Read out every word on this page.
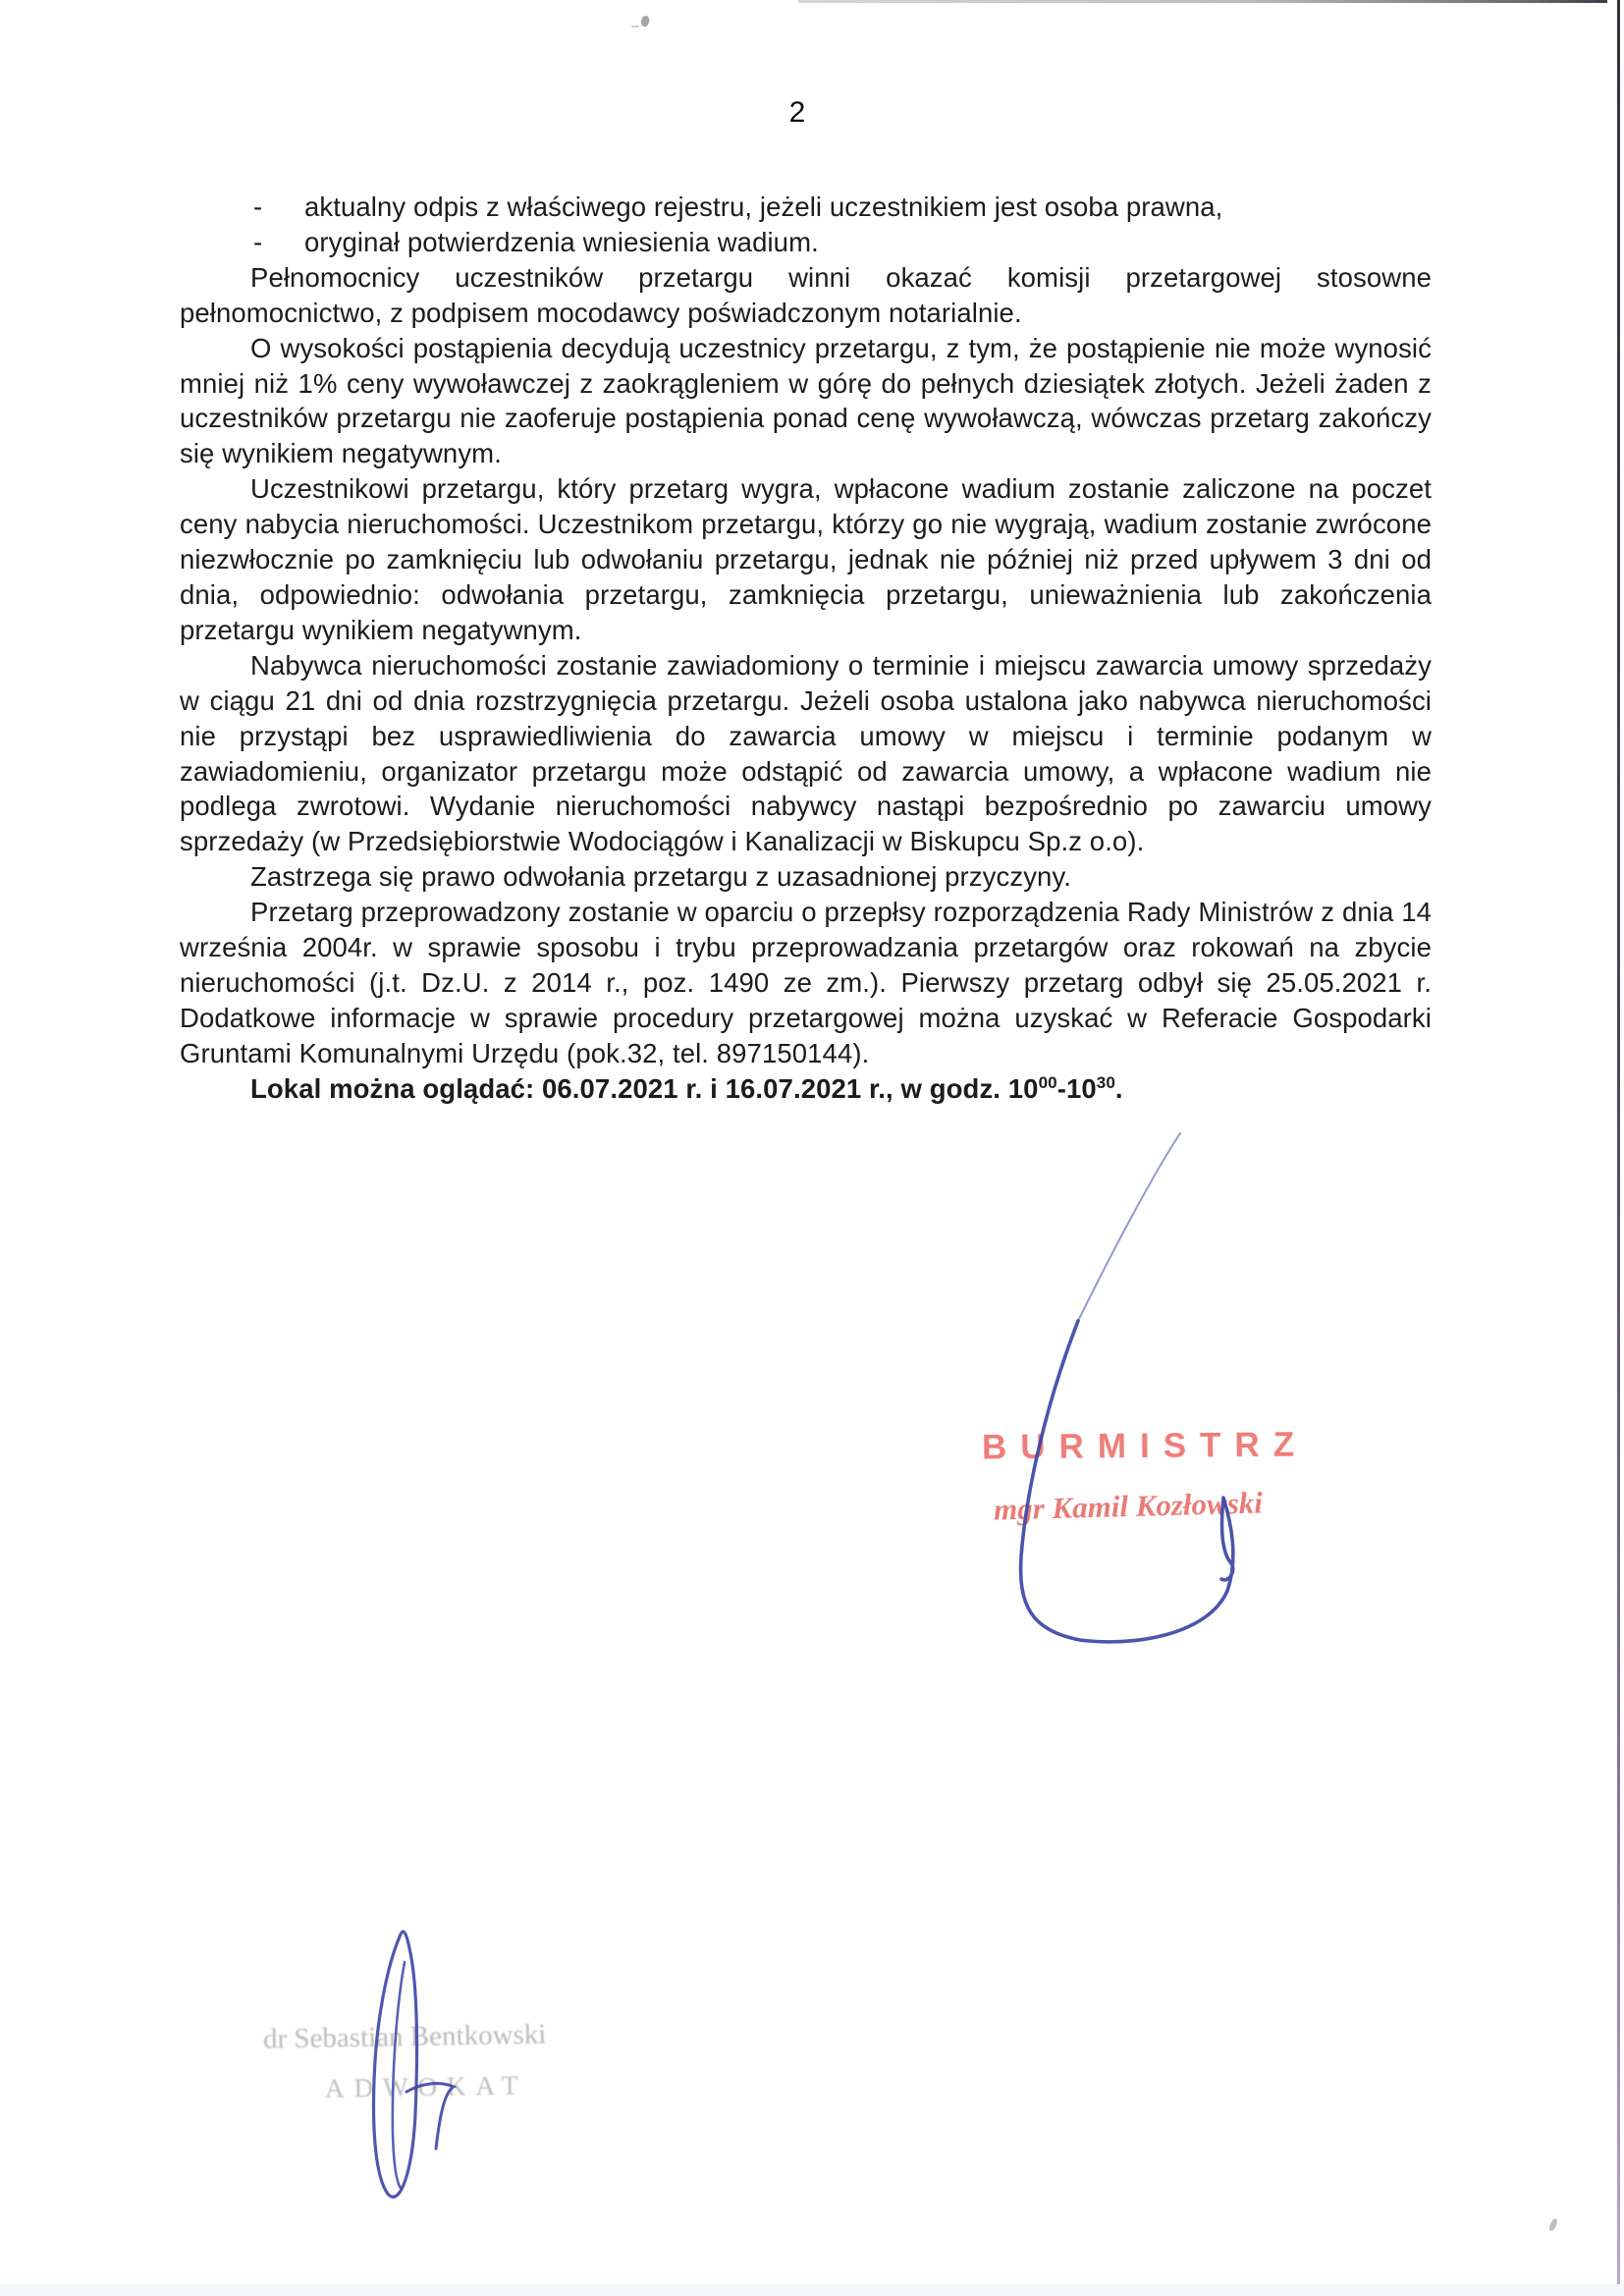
2
- aktualny odpis z właściwego rejestru, jeżeli uczestnikiem jest osoba prawna,
- oryginał potwierdzenia wniesienia wadium.

Pełnomocnicy uczestników przetargu winni okazać komisji przetargowej stosowne pełnomocnictwo, z podpisem mocodawcy poświadczonym notarialnie.

O wysokości postąpienia decydują uczestnicy przetargu, z tym, że postąpienie nie może wynosić mniej niż 1% ceny wywoławczej z zaokrągleniem w górę do pełnych dziesiątek złotych. Jeżeli żaden z uczestników przetargu nie zaoferuje postąpienia ponad cenę wywoławczą, wówczas przetarg zakończy się wynikiem negatywnym.

Uczestnikowi przetargu, który przetarg wygra, wpłacone wadium zostanie zaliczone na poczet ceny nabycia nieruchomości. Uczestnikom przetargu, którzy go nie wygrają, wadium zostanie zwrócone niezwłocznie po zamknięciu lub odwołaniu przetargu, jednak nie później niż przed upływem 3 dni od dnia, odpowiednio: odwołania przetargu, zamknięcia przetargu, unieważnienia lub zakończenia przetargu wynikiem negatywnym.

Nabywca nieruchomości zostanie zawiadomiony o terminie i miejscu zawarcia umowy sprzedaży w ciągu 21 dni od dnia rozstrzygnięcia przetargu. Jeżeli osoba ustalona jako nabywca nieruchomości nie przystąpi bez usprawiedliwienia do zawarcia umowy w miejscu i terminie podanym w zawiadomieniu, organizator przetargu może odstąpić od zawarcia umowy, a wpłacone wadium nie podlega zwrotowi. Wydanie nieruchomości nabywcy nastąpi bezpośrednio po zawarciu umowy sprzedaży (w Przedsiębiorstwie Wodociągów i Kanalizacji w Biskupcu Sp.z o.o).

Zastrzega się prawo odwołania przetargu z uzasadnionej przyczyny.

Przetarg przeprowadzony zostanie w oparciu o przepłsy rozporządzenia Rady Ministrów z dnia 14 września 2004r. w sprawie sposobu i trybu przeprowadzania przetargów oraz rokowań na zbycie nieruchomości (j.t. Dz.U. z 2014 r., poz. 1490 ze zm.). Pierwszy przetarg odbył się 25.05.2021 r. Dodatkowe informacje w sprawie procedury przetargowej można uzyskać w Referacie Gospodarki Gruntami Komunalnymi Urzędu (pok.32, tel. 897150144).

Lokal można oglądać: 06.07.2021 r. i 16.07.2021 r., w godz. $10^{00}-10^{30}$.

BURMISTRZ
mgr Kamil Kozłowski
dr Sebastian Bentkowski
ADWOKAT
